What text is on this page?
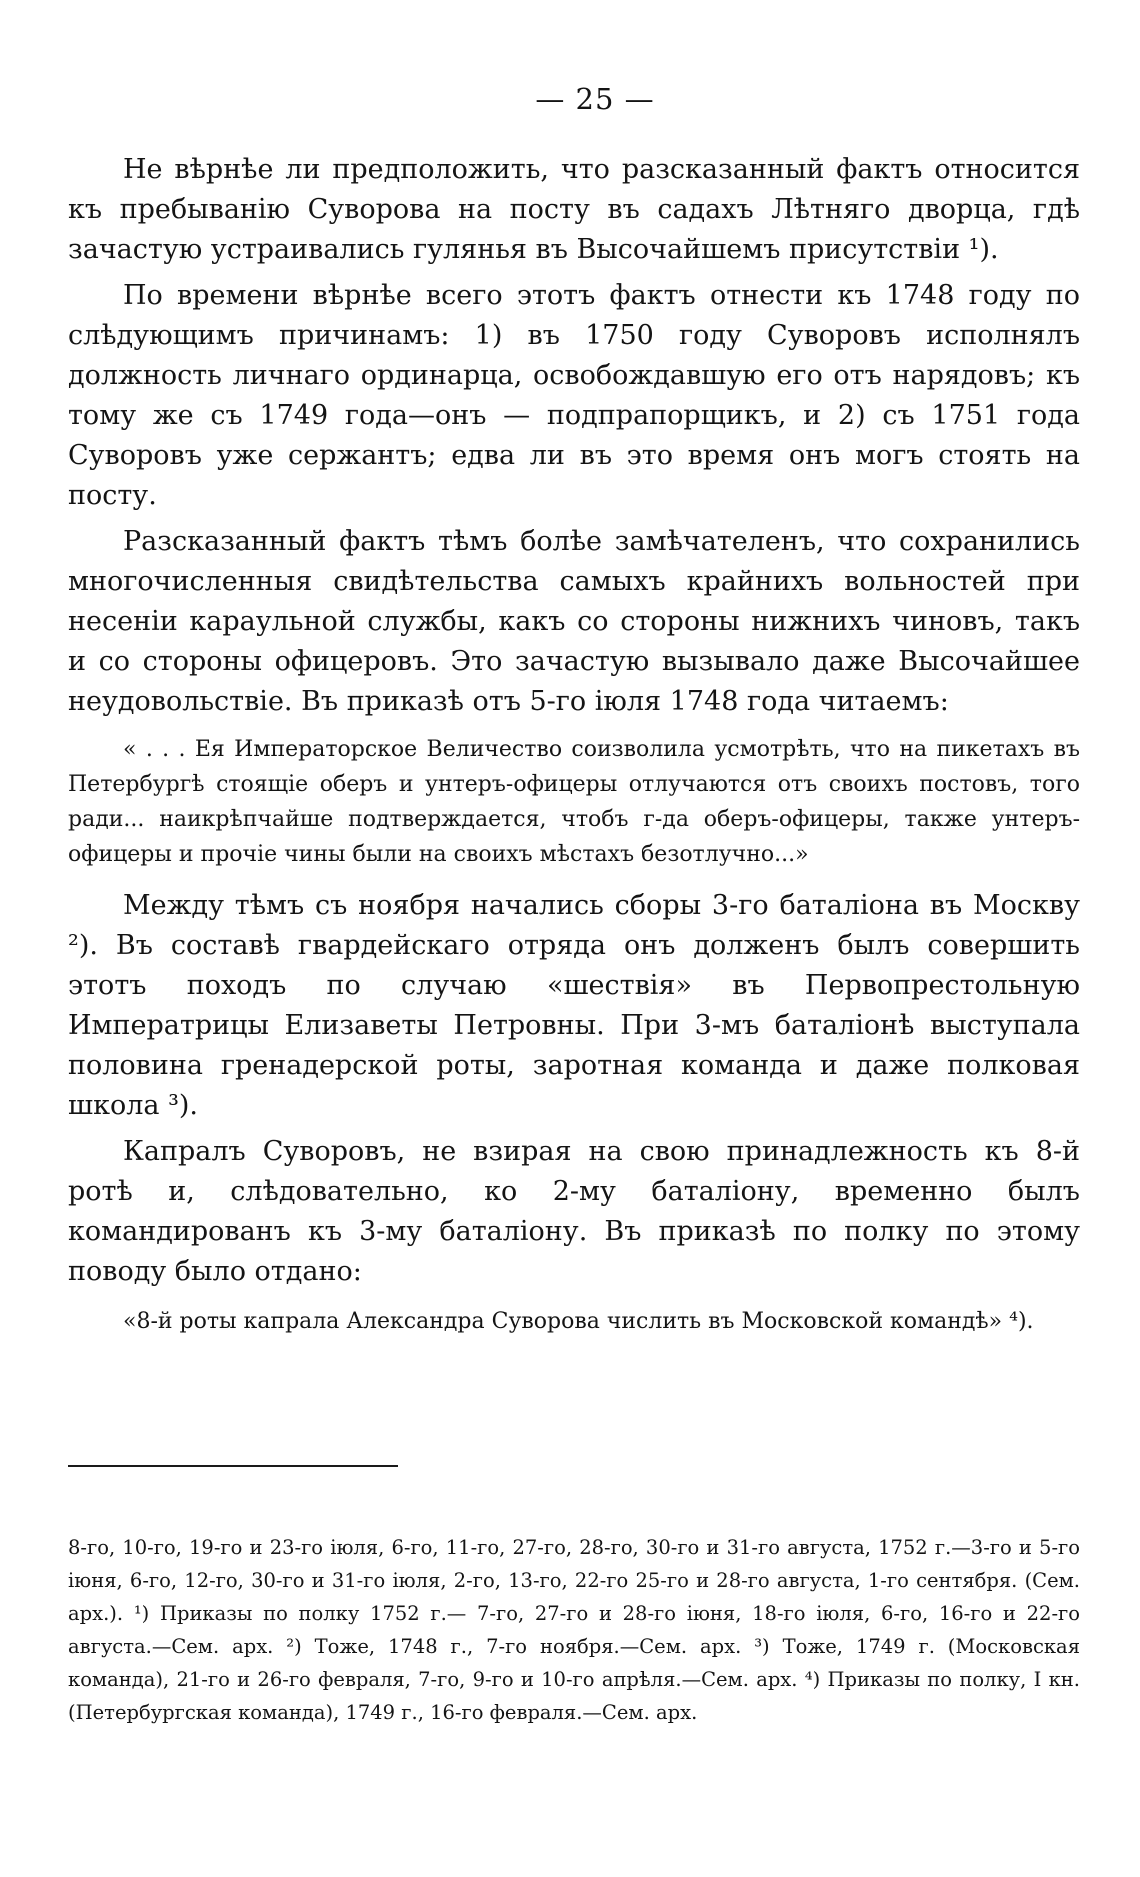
— 25 —

Не вѣрнѣе ли предположить, что разсказанный фактъ относится къ пребыванію Суворова на посту въ садахъ Лѣтняго дворца, гдѣ зачастую устраивались гулянья въ Высочайшемъ присутствіи ¹).

По времени вѣрнѣе всего этотъ фактъ отнести къ 1748 году по слѣдующимъ причинамъ: 1) въ 1750 году Суворовъ исполнялъ должность личнаго ординарца, освобождавшую его отъ нарядовъ; къ тому же съ 1749 года—онъ — подпрапорщикъ, и 2) съ 1751 года Суворовъ уже сержантъ; едва ли въ это время онъ могъ стоять на посту.

Разсказанный фактъ тѣмъ болѣе замѣчателенъ, что сохранились многочисленныя свидѣтельства самыхъ крайнихъ вольностей при несеніи караульной службы, какъ со стороны нижнихъ чиновъ, такъ и со стороны офицеровъ. Это зачастую вызывало даже Высочайшее неудовольствіе. Въ приказѣ отъ 5-го іюля 1748 года читаемъ:

« . . . Ея Императорское Величество соизволила усмотрѣть, что на пикетахъ въ Петербургѣ стоящіе оберъ и унтеръ-офицеры отлучаются отъ своихъ постовъ, того ради... наикрѣпчайше подтверждается, чтобъ г-да оберъ-офицеры, также унтеръ-офицеры и прочіе чины были на своихъ мѣстахъ безотлучно...»

Между тѣмъ съ ноября начались сборы 3-го баталіона въ Москву ²). Въ составѣ гвардейскаго отряда онъ долженъ былъ совершить этотъ походъ по случаю «шествія» въ Первопрестольную Императрицы Елизаветы Петровны. При 3-мъ баталіонѣ выступала половина гренадерской роты, заротная команда и даже полковая школа ³).

Капралъ Суворовъ, не взирая на свою принадлежность къ 8-й ротѣ и, слѣдовательно, ко 2-му баталіону, временно былъ командированъ къ 3-му баталіону. Въ приказѣ по полку по этому поводу было отдано:

«8-й роты капрала Александра Суворова числить въ Московской командѣ» ⁴).

8-го, 10-го, 19-го и 23-го іюля, 6-го, 11-го, 27-го, 28-го, 30-го и 31-го августа, 1752 г.—3-го и 5-го іюня, 6-го, 12-го, 30-го и 31-го іюля, 2-го, 13-го, 22-го 25-го и 28-го августа, 1-го сентября. (Сем. арх.). ¹) Приказы по полку 1752 г.— 7-го, 27-го и 28-го іюня, 18-го іюля, 6-го, 16-го и 22-го августа.—Сем. арх. ²) Тоже, 1748 г., 7-го ноября.—Сем. арх. ³) Тоже, 1749 г. (Московская команда), 21-го и 26-го февраля, 7-го, 9-го и 10-го апрѣля.—Сем. арх. ⁴) Приказы по полку, I кн. (Петербургская команда), 1749 г., 16-го февраля.—Сем. арх.
